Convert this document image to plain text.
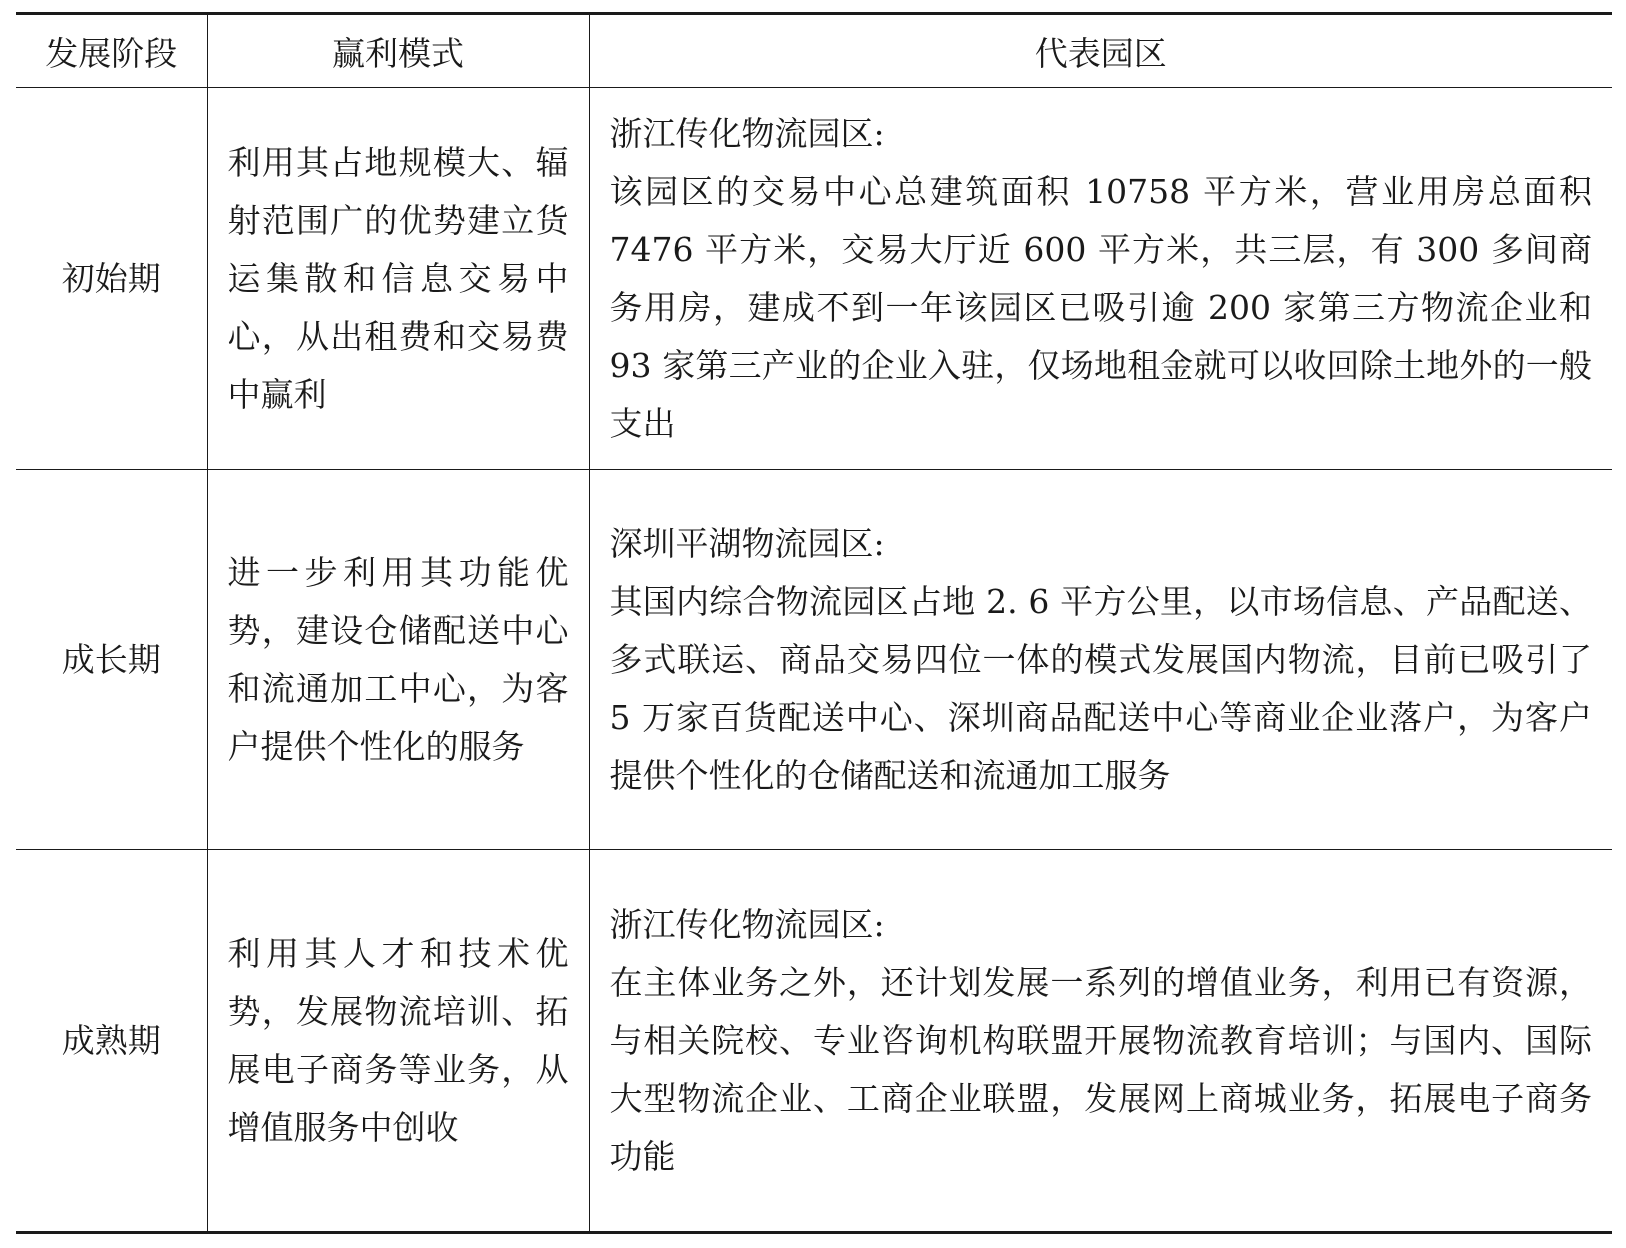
发展阶段	赢利模式	代表园区
初始期	利用其占地规模大、辐射范围广的优势建立货运集散和信息交易中心，从出租费和交易费中赢利	浙江传化物流园区:
该园区的交易中心总建筑面积 10758 平方米，营业用房总面积 7476 平方米，交易大厅近 600 平方米，共三层，有 300 多间商务用房，建成不到一年该园区已吸引逾 200 家第三方物流企业和 93 家第三产业的企业入驻，仅场地租金就可以收回除土地外的一般支出

成长期	进一步利用其功能优势，建设仓储配送中心和流通加工中心，为客户提供个性化的服务	深圳平湖物流园区:
其国内综合物流园区占地 2. 6 平方公里，以市场信息、产品配送、多式联运、商品交易四位一体的模式发展国内物流，目前已吸引了 5 万家百货配送中心、深圳商品配送中心等商业企业落户，为客户提供个性化的仓储配送和流通加工服务

成熟期	利用其人才和技术优势，发展物流培训、拓展电子商务等业务，从增值服务中创收	浙江传化物流园区:
在主体业务之外，还计划发展一系列的增值业务，利用已有资源，与相关院校、专业咨询机构联盟开展物流教育培训；与国内、国际大型物流企业、工商企业联盟，发展网上商城业务，拓展电子商务功能
